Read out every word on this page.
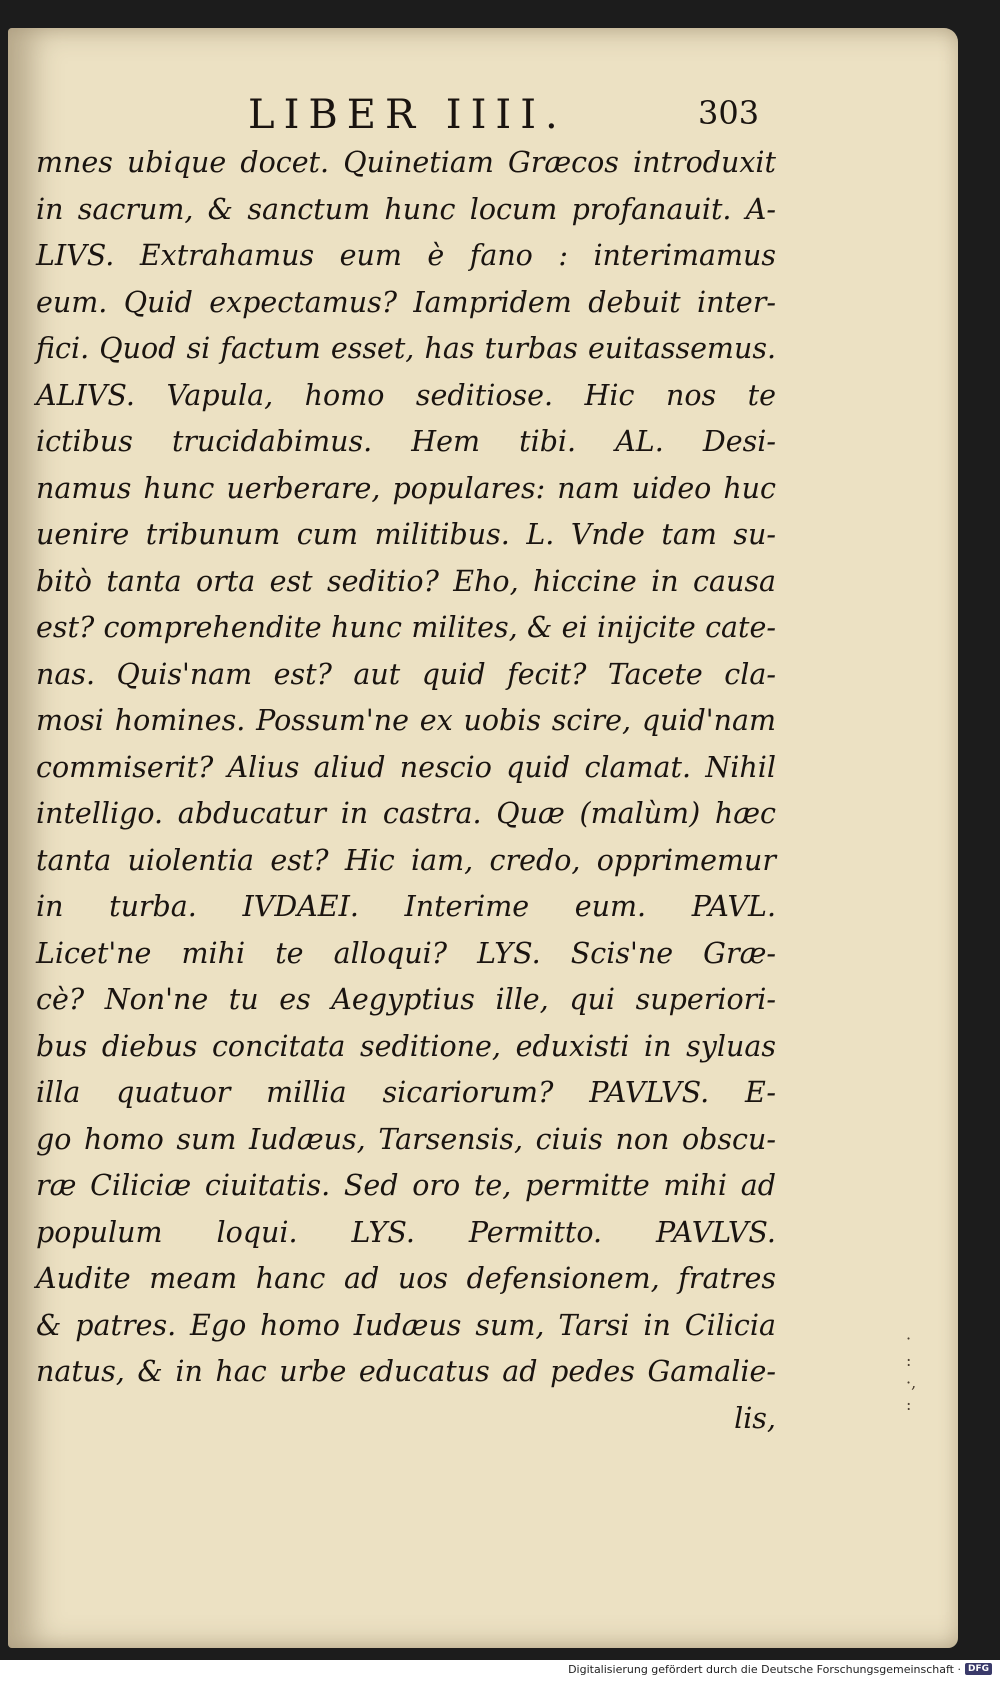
LIBER IIII.	303
mnes ubique docet. Quinetiam Græcos introduxit
in sacrum, & sanctum hunc locum profanauit. A-
LIVS. Extrahamus eum è fano : interimamus
eum. Quid expectamus? Iampridem debuit inter-
fici. Quod si factum esset, has turbas euitassemus.
ALIVS. Vapula, homo seditiose. Hic nos te
ictibus trucidabimus. Hem tibi. AL. Desi-
namus hunc uerberare, populares: nam uideo huc
uenire tribunum cum militibus. L. Vnde tam su-
bitò tanta orta est seditio? Eho, hiccine in causa
est? comprehendite hunc milites, & ei inijcite cate-
nas. Quis'nam est? aut quid fecit? Tacete cla-
mosi homines. Possum'ne ex uobis scire, quid'nam
commiserit? Alius aliud nescio quid clamat. Nihil
intelligo. abducatur in castra. Quæ (malùm) hæc
tanta uiolentia est? Hic iam, credo, opprimemur
in turba. IVDAEI. Interime eum. PAVL.
Licet'ne mihi te alloqui? LYS. Scis'ne Græ-
cè? Non'ne tu es Aegyptius ille, qui superiori-
bus diebus concitata seditione, eduxisti in syluas
illa quatuor millia sicariorum? PAVLVS. E-
go homo sum Iudæus, Tarsensis, ciuis non obscu-
ræ Ciliciæ ciuitatis. Sed oro te, permitte mihi ad
populum loqui. LYS. Permitto. PAVLVS.
Audite meam hanc ad uos defensionem, fratres
& patres. Ego homo Iudæus sum, Tarsi in Cilicia
natus, & in hac urbe educatus ad pedes Gamalie-
lis,
·
:
·,
:
Digitalisierung gefördert durch die Deutsche Forschungsgemeinschaft · DFG
